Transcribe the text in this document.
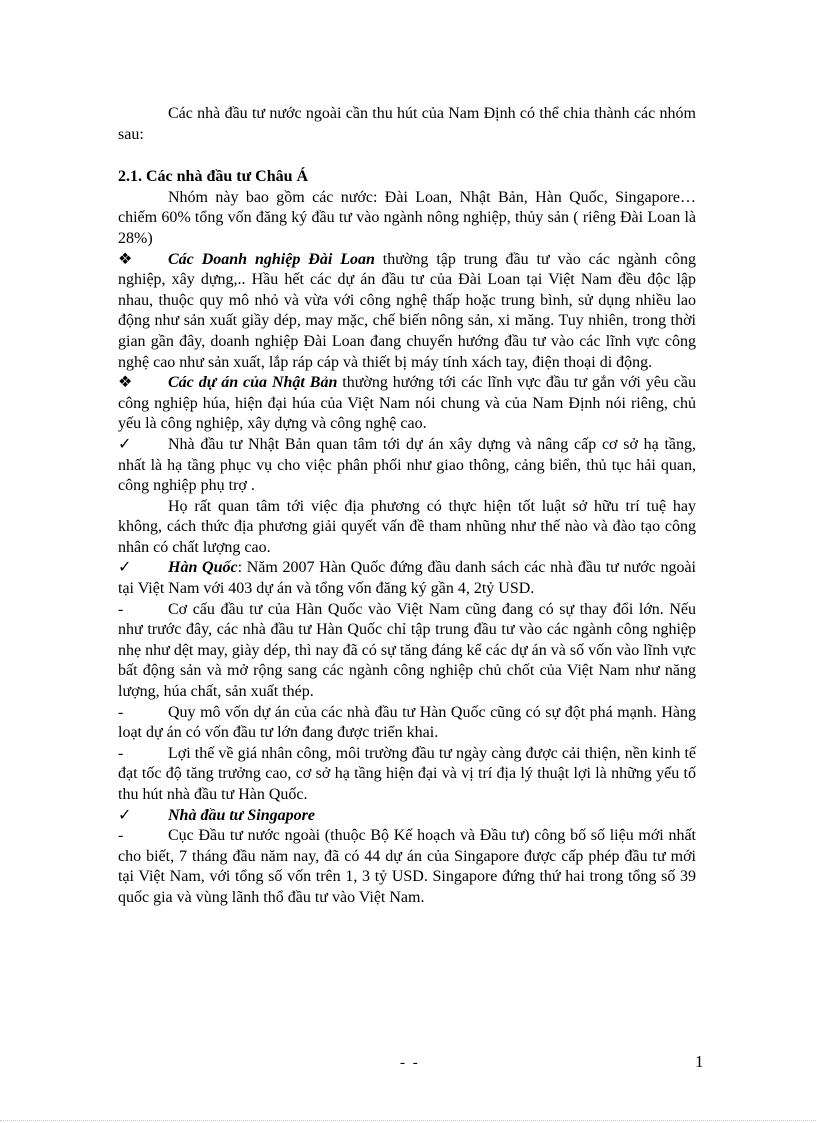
Các nhà đầu tư nước ngoài cần thu hút của Nam Định có thể chia thành các nhóm sau:

2.1. Các nhà đầu tư Châu Á

Nhóm này bao gồm các nước: Đài Loan, Nhật Bản, Hàn Quốc, Singapore… chiếm 60% tổng vốn đăng ký đầu tư vào ngành nông nghiệp, thủy sản ( riêng Đài Loan là 28%)

❖ Các Doanh nghiệp Đài Loan thường tập trung đầu tư vào các ngành công nghiệp, xây dựng,.. Hầu hết các dự án đầu tư của Đài Loan tại Việt Nam đều độc lập nhau, thuộc quy mô nhỏ và vừa với công nghệ thấp hoặc trung bình, sử dụng nhiều lao động như sản xuất giầy dép, may mặc, chế biến nông sản, xi măng. Tuy nhiên, trong thời gian gần đây, doanh nghiệp Đài Loan đang chuyển hướng đầu tư vào các lĩnh vực công nghệ cao như sản xuất, lắp ráp cáp và thiết bị máy tính xách tay, điện thoại di động.

❖ Các dự án của Nhật Bản thường hướng tới các lĩnh vực đầu tư gắn với yêu cầu công nghiệp húa, hiện đại húa của Việt Nam nói chung và của Nam Định nói riêng, chủ yếu là công nghiệp, xây dựng và công nghệ cao.

✓ Nhà đầu tư Nhật Bản quan tâm tới dự án xây dựng và nâng cấp cơ sở hạ tầng, nhất là hạ tầng phục vụ cho việc phân phối như giao thông, cảng biển, thủ tục hải quan, công nghiệp phụ trợ .

Họ rất quan tâm tới việc địa phương có thực hiện tốt luật sở hữu trí tuệ hay không, cách thức địa phương giải quyết vấn đề tham nhũng như thế nào và đào tạo công nhân có chất lượng cao.

✓ Hàn Quốc: Năm 2007 Hàn Quốc đứng đầu danh sách các nhà đầu tư nước ngoài tại Việt Nam với 403 dự án và tổng vốn đăng ký gần 4, 2tỷ USD.

-	Cơ cấu đầu tư của Hàn Quốc vào Việt Nam cũng đang có sự thay đổi lớn. Nếu như trước đây, các nhà đầu tư Hàn Quốc chỉ tập trung đầu tư vào các ngành công nghiệp nhẹ như dệt may, giày dép, thì nay đã có sự tăng đáng kể các dự án và số vốn vào lĩnh vực bất động sản và mở rộng sang các ngành công nghiệp chủ chốt của Việt Nam như năng lượng, húa chất, sản xuất thép.

-	Quy mô vốn dự án của các nhà đầu tư Hàn Quốc cũng có sự đột phá mạnh. Hàng loạt dự án có vốn đầu tư lớn đang được triển khai.

-	Lợi thế về giá nhân công, môi trường đầu tư ngày càng được cải thiện, nền kinh tế đạt tốc độ tăng trưởng cao, cơ sở hạ tầng hiện đại và vị trí địa lý thuật lợi là những yếu tố thu hút nhà đầu tư Hàn Quốc.

✓ Nhà đầu tư Singapore

-	Cục Đầu tư nước ngoài (thuộc Bộ Kế hoạch và Đầu tư) công bố số liệu mới nhất cho biết, 7 tháng đầu năm nay, đã có 44 dự án của Singapore được cấp phép đầu tư mới tại Việt Nam, với tổng số vốn trên 1, 3 tỷ USD. Singapore đứng thứ hai trong tổng số 39 quốc gia và vùng lãnh thổ đầu tư vào Việt Nam.

- -	1
